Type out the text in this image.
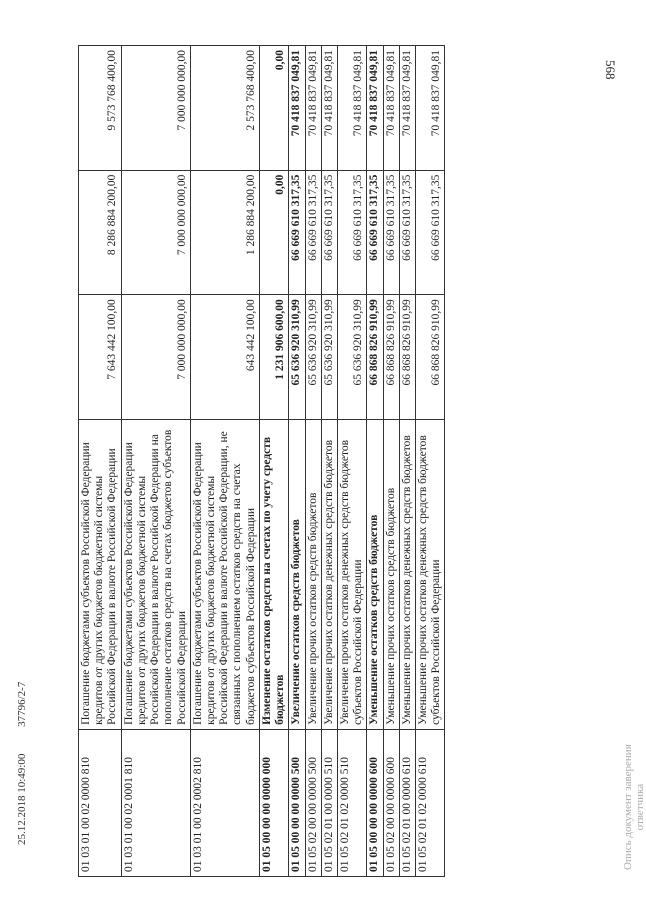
568
01 03 01 00 02 0000 810	Погашение бюджетами субъектов Российской Федерации кредитов от других бюджетов бюджетной системы Российской Федерации в валюте Российской Федерации	7 643 442 100,00	8 286 884 200,00	9 573 768 400,00
01 03 01 00 02 0001 810	Погашение бюджетами субъектов Российской Федерации кредитов от других бюджетов бюджетной системы Российской Федерации в валюте Российской Федерации на пополнение остатков средств на счетах бюджетов субъектов Российской Федерации	7 000 000 000,00	7 000 000 000,00	7 000 000 000,00
01 03 01 00 02 0002 810	Погашение бюджетами субъектов Российской Федерации кредитов от других бюджетов бюджетной системы Российской Федерации в валюте Российской Федерации, не связанных с пополнением остатков средств на счетах бюджетов субъектов Российской Федерации	643 442 100,00	1 286 884 200,00	2 573 768 400,00
01 05 00 00 00 0000 000	Изменение остатков средств на счетах по учету средств бюджетов	1 231 906 600,00	0,00	0,00
01 05 00 00 00 0000 500	Увеличение остатков средств бюджетов	65 636 920 310,99	66 669 610 317,35	70 418 837 049,81
01 05 02 00 00 0000 500	Увеличение прочих остатков средств бюджетов	65 636 920 310,99	66 669 610 317,35	70 418 837 049,81
01 05 02 01 00 0000 510	Увеличение прочих остатков денежных средств бюджетов	65 636 920 310,99	66 669 610 317,35	70 418 837 049,81
01 05 02 01 02 0000 510	Увеличение прочих остатков денежных средств бюджетов субъектов Российской Федерации	65 636 920 310,99	66 669 610 317,35	70 418 837 049,81
01 05 00 00 00 0000 600	Уменьшение остатков средств бюджетов	66 868 826 910,99	66 669 610 317,35	70 418 837 049,81
01 05 02 00 00 0000 600	Уменьшение прочих остатков средств бюджетов	66 868 826 910,99	66 669 610 317,35	70 418 837 049,81
01 05 02 01 00 0000 610	Уменьшение прочих остатков денежных средств бюджетов	66 868 826 910,99	66 669 610 317,35	70 418 837 049,81
01 05 02 01 02 0000 610	Уменьшение прочих остатков денежных средств бюджетов субъектов Российской Федерации	66 868 826 910,99	66 669 610 317,35	70 418 837 049,81
25.12.2018 10:49:00 37796/2-7
Опись документ заверения ответчика
